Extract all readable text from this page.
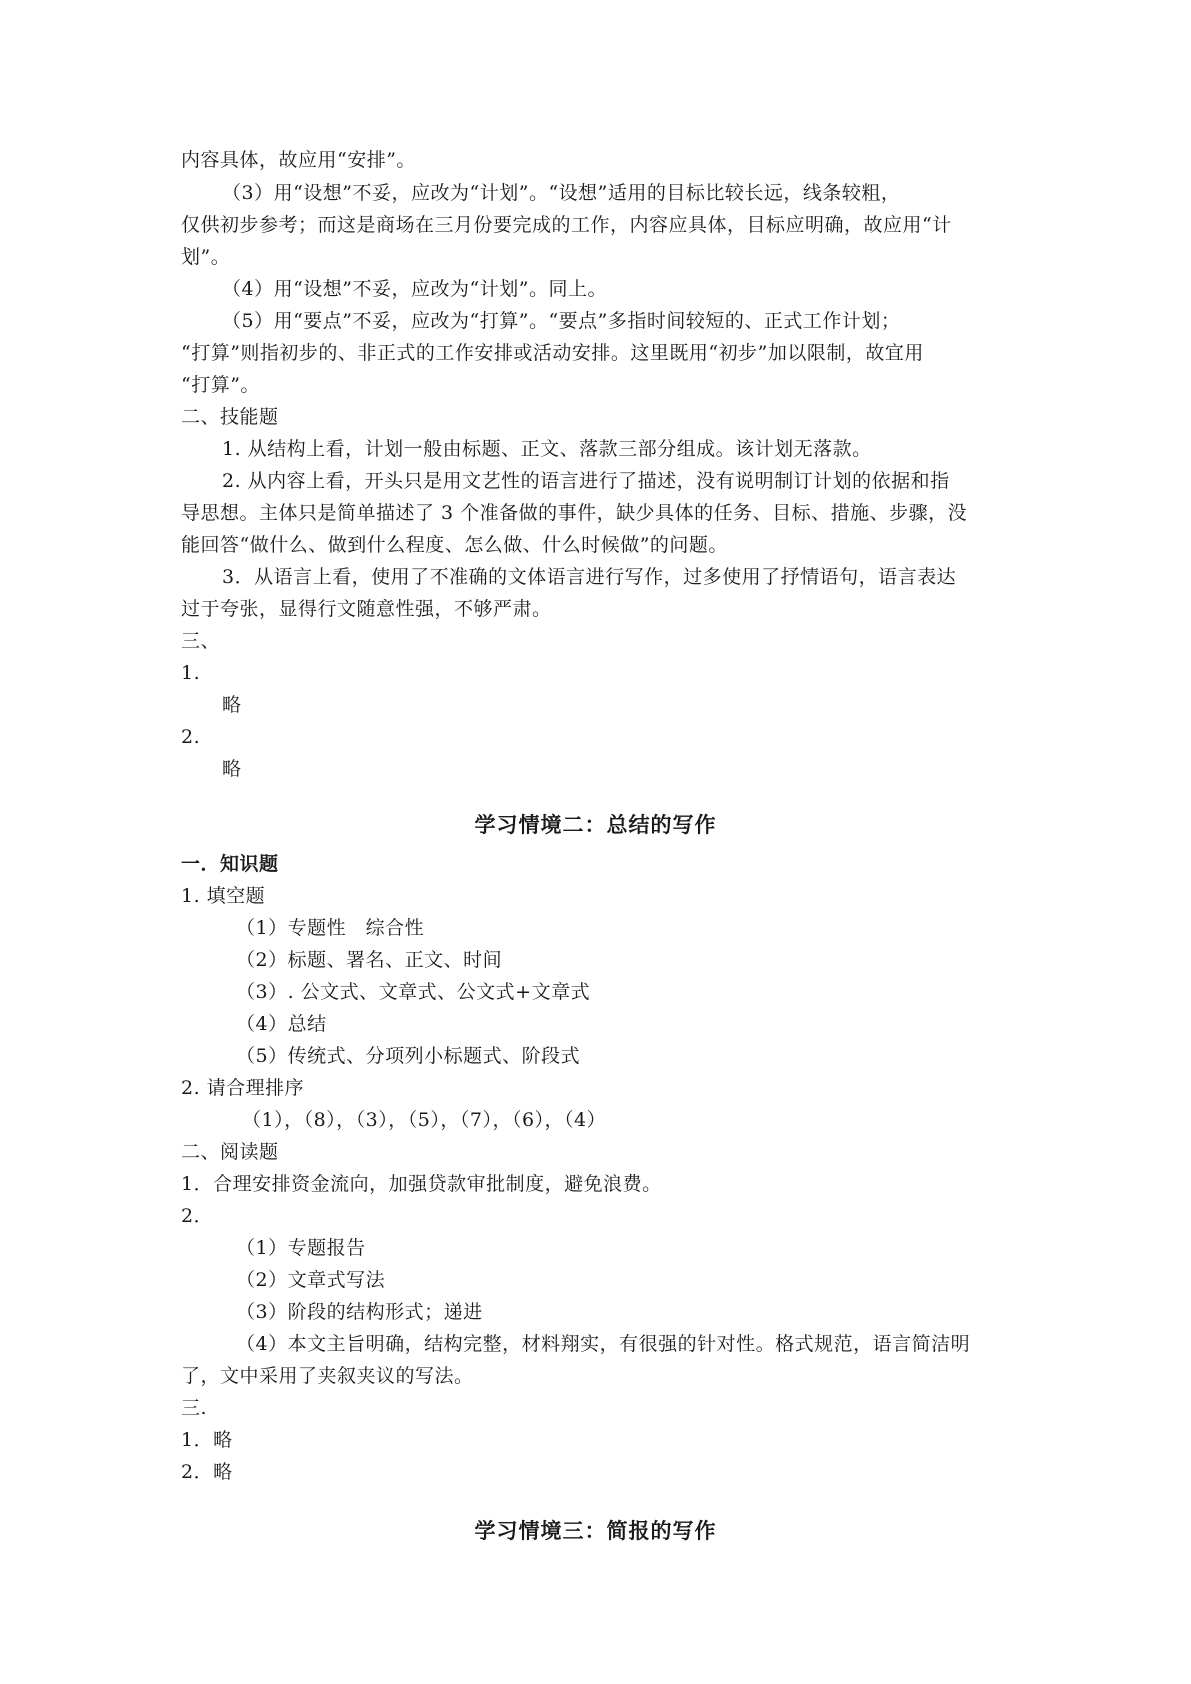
内容具体，故应用“安排”。
（3）用“设想”不妥，应改为“计划”。“设想”适用的目标比较长远，线条较粗，
仅供初步参考；而这是商场在三月份要完成的工作，内容应具体，目标应明确，故应用“计
划”。
（4）用“设想”不妥，应改为“计划”。同上。
（5）用“要点”不妥，应改为“打算”。“要点”多指时间较短的、正式工作计划；
“打算”则指初步的、非正式的工作安排或活动安排。这里既用“初步”加以限制，故宜用
“打算”。
二、技能题
1. 从结构上看，计划一般由标题、正文、落款三部分组成。该计划无落款。
2. 从内容上看，开头只是用文艺性的语言进行了描述，没有说明制订计划的依据和指
导思想。主体只是简单描述了 3 个准备做的事件，缺少具体的任务、目标、措施、步骤，没
能回答“做什么、做到什么程度、怎么做、什么时候做”的问题。
3．从语言上看，使用了不准确的文体语言进行写作，过多使用了抒情语句，语言表达
过于夸张，显得行文随意性强，不够严肃。
三、
1.
略
2.
略
学习情境二：总结的写作
一．知识题
1. 填空题
（1）专题性　综合性
（2）标题、署名、正文、时间
（3）. 公文式、文章式、公文式+文章式
（4）总结
（5）传统式、分项列小标题式、阶段式
2. 请合理排序
（1），（8），（3），（5），（7），（6），（4）
二、阅读题
1．合理安排资金流向，加强贷款审批制度，避免浪费。
2．
（1）专题报告
（2）文章式写法
（3）阶段的结构形式；递进
（4）本文主旨明确，结构完整，材料翔实，有很强的针对性。格式规范，语言简洁明
了，文中采用了夹叙夹议的写法。
三.
1．略
2．略
学习情境三：简报的写作
